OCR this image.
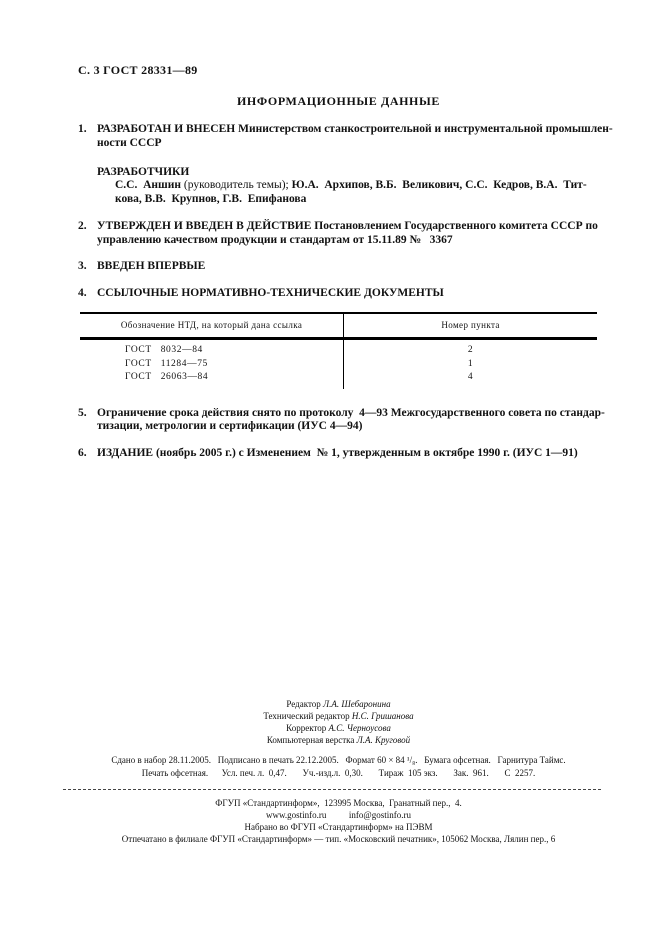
С. 3 ГОСТ 28331—89
ИНФОРМАЦИОННЫЕ ДАННЫЕ
1. РАЗРАБОТАН И ВНЕСЕН Министерством станкостроительной и инструментальной промышлен-
ности СССР
РАЗРАБОТЧИКИ
С.С.  Аншин (руководитель темы); Ю.А.  Архипов, В.Б.  Великович, С.С.  Кедров, В.А.  Тит-
кова, В.В.  Крупнов, Г.В.  Епифанова
2. УТВЕРЖДЕН И ВВЕДЕН В ДЕЙСТВИЕ Постановлением Государственного комитета СССР по
управлению качеством продукции и стандартам от 15.11.89 №   3367
3. ВВЕДЕН ВПЕРВЫЕ
4. ССЫЛОЧНЫЕ НОРМАТИВНО-ТЕХНИЧЕСКИЕ ДОКУМЕНТЫ
Обозначение НТД, на который дана ссылка	Номер пункта
ГОСТ   8032—84	2
ГОСТ   11284—75	1
ГОСТ   26063—84	4
5. Ограничение срока действия снято по протоколу  4—93 Межгосударственного совета по стандар-
тизации, метрологии и сертификации (ИУС 4—94)
6. ИЗДАНИЕ (ноябрь 2005 г.) с Изменением  № 1, утвержденным в октябре 1990 г. (ИУС 1—91)
Редактор Л.А. Шебаронина
Технический редактор Н.С. Гришанова
Корректор А.С. Черноусова
Компьютерная верстка Л.А. Круговой
Сдано в набор 28.11.2005.   Подписано в печать 22.12.2005.   Формат 60 × 84 ¹/₈.   Бумага офсетная.   Гарнитура Таймс.
Печать офсетная.      Усл. печ. л.  0,47.       Уч.-изд.л.  0,30.       Тираж  105 экз.       Зак.  961.       С  2257.
ФГУП «Стандартинформ»,  123995 Москва,  Гранатный пер.,  4.
www.gostinfo.ru          info@gostinfo.ru
Набрано во ФГУП «Стандартинформ» на ПЭВМ
Отпечатано в филиале ФГУП «Стандартинформ» — тип. «Московский печатник», 105062 Москва, Лялин пер., 6
